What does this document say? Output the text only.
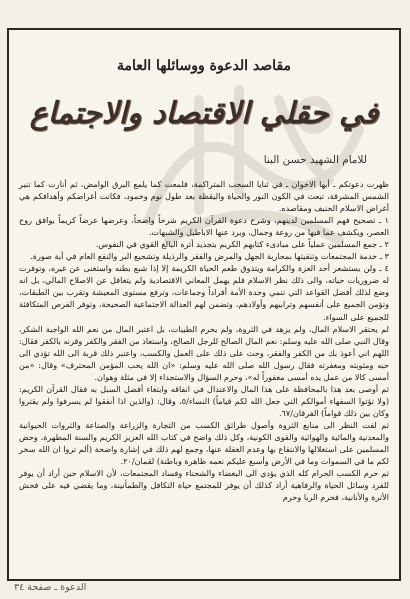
مقاصد الدعوة ووسائلها العامة
في حقلي الاقتصاد والاجتماع
للامام الشهيد حسن البنا

ظهرت دعوتكم ـ أيها الاخوان ـ في ثنايا السحب المتراكمة، فلمعت كما يلمع البرق الوامض، ثم أنارت كما تنير الشمس المشرقة، تبعث في الكون النور والحياة واليقظة بعد طول نوم وخمود، فكانت أغراضكم وأهدافكم هي أغراض الاسلام الحنيف ومقاصده.

١ ـ تصحيح فهم المسلمين لدينهم، وشرح دعوة القرآن الكريم شرحاً واضحاً، وعرضها عرضاً كريماً يوافق روح العصر، ويكشف عما فيها من روعة وجمال، ويرد عنها الاباطيل والشبهات.

٢ ـ جمع المسلمين عملياً على مبادىء كتابهم الكريم بتجديد أثره البالغ القوي في النفوس.

٣ ـ خدمة المجتمعات وتنقيتها بمحاربة الجهل والمرض والفقر والرذيلة وتشجيع البر والنفع العام في أية صورة.

٤ ـ ولن يستشعر أحد العزة والكرامة ويتذوق طعم الحياة الكريمة إلا إذا شبع بطنه واستغنى عن غيره، وتوفرت له ضروريات حياته، والى ذلك نظر الاسلام فلم يهمل المعاني الاقتصادية ولم يتغافل عن الاصلاح المالي، بل انه وضع لذلك أفضل القواعد التي تنمي وحدة الأمة أفراداً وجماعات، وترفع مستوى المعيشة وتقرب بين الطبقات، وتؤمن الجميع على أنفسهم وترابيهم وأولادهم، وتضمن لهم العدالة الاجتماعية الصحيحة، وتوفر الفرص المتكافئة للجميع على السواء.

لم يحتقر الاسلام المال، ولم يزهد في الثروة، ولم يحرم الطيبات، بل اعتبر المال من نعم الله الواجبة الشكر، وقال النبي صلى الله عليه وسلم: نعم المال الصالح للرجل الصالح، واستعاذ من الفقر والكفر وقرنه بالكفر فقال: اللهم اني أعوذ بك من الكفر والفقر، وحث على ذلك على العمل والكسب، واعتبر ذلك قربة الى الله تؤدي الى حبه ومثوبته ومغفرته فقال رسول الله صلى الله عليه وسلم: «ان الله يحب المؤمن المحترف» وقال: «من أمسى كالا من عمل يده أمسى مغفوراً له»، وحرم السؤال والاستجداء إلا في مثلة وهوان.

ثم أوصى بعد هذا بالمحافظة على هذا المال والاعتدال في انفاقه وابتغاء أفضل السبل به فقال القرآن الكريم: (ولا تؤتوا السفهاء أموالكم التي جعل الله لكم قياماً) النساء/٥، وقال: (والذين اذا أنفقوا لم يسرفوا ولم يقتروا وكان بين ذلك قواماً) الفرقان/٦٧.

ثم لفت النظر الى منابع الثروة وأصول طرائق الكسب من التجارة والزراعة والصناعة والثروات الحيوانية والمعدنية والمائية والهوائية والقوى الكونية، وكل ذلك واضح في كتاب الله العزيز الكريم والسنة المطهرة، وحض المسلمين على استغلالها والانتفاع بها وعدم الغفلة عنها، وجمع لهم ذلك في إشارة واضحة (ألم تروا ان الله سخر لكم ما في السموات وما في الأرض وأسبغ عليكم نعمه ظاهرة وباطنة) لقمان/٢٠.

ثم حرم الكسب الحرام كله الذي يؤدي الى البغضاء والشحناء وفساد المجتمعات، لأن الاسلام حين أراد أن يوفر للفرد وسائل الحياة والرفاهية أراد كذلك أن يوفر للمجتمع حياة التكافل والطمأنينة، وما يقضي فيه على فحش الأثرة والأنانية، فحرم الربا وحرم

الدعوة ـ صفحة ٣٤
